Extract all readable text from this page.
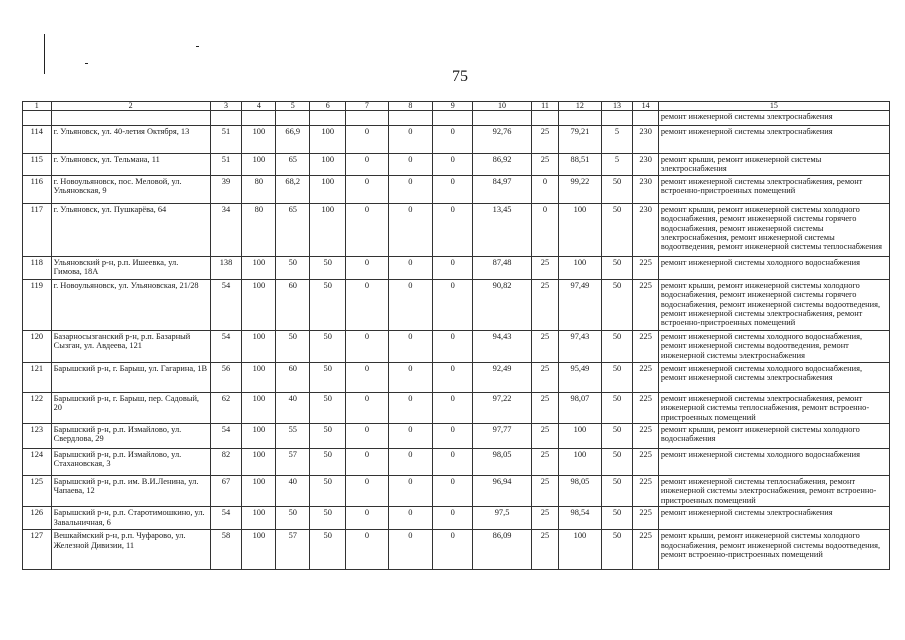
75
1	2	3	4	5	6	7	8	9	10	11	12	13	14	15
														ремонт инженерной системы электроснабжения
114	г. Ульяновск, ул. 40-летия Октября, 13	51	100	66,9	100	0	0	0	92,76	25	79,21	5	230	ремонт инженерной системы электроснабжения
115	г. Ульяновск, ул. Тельмана, 11	51	100	65	100	0	0	0	86,92	25	88,51	5	230	ремонт крыши, ремонт инженерной системы электроснабжения
116	г. Новоульяновск, пос. Меловой, ул. Ульяновская, 9	39	80	68,2	100	0	0	0	84,97	0	99,22	50	230	ремонт инженерной системы электроснабжения, ремонт встроенно-пристроенных помещений
117	г. Ульяновск, ул. Пушкарёва, 64	34	80	65	100	0	0	0	13,45	0	100	50	230	ремонт крыши, ремонт инженерной системы холодного водоснабжения, ремонт инженерной системы горячего водоснабжения, ремонт инженерной системы электроснабжения, ремонт инженерной системы водоотведения, ремонт инженерной системы теплоснабжения
118	Ульяновский р-н, р.п. Ишеевка, ул. Гимова, 18А	138	100	50	50	0	0	0	87,48	25	100	50	225	ремонт инженерной системы холодного водоснабжения
119	г. Новоульяновск, ул. Ульяновская, 21/28	54	100	60	50	0	0	0	90,82	25	97,49	50	225	ремонт крыши, ремонт инженерной системы холодного водоснабжения, ремонт инженерной системы горячего водоснабжения, ремонт инженерной системы водоотведения, ремонт инженерной системы электроснабжения, ремонт встроенно-пристроенных помещений
120	Базарносызганский р-н, р.п. Базарный Сызган, ул. Авдеева, 121	54	100	50	50	0	0	0	94,43	25	97,43	50	225	ремонт инженерной системы холодного водоснабжения, ремонт инженерной системы водоотведения, ремонт инженерной системы электроснабжения
121	Барышский р-н, г. Барыш, ул. Гагарина, 1В	56	100	60	50	0	0	0	92,49	25	95,49	50	225	ремонт инженерной системы холодного водоснабжения, ремонт инженерной системы электроснабжения
122	Барышский р-н, г. Барыш, пер. Садовый, 20	62	100	40	50	0	0	0	97,22	25	98,07	50	225	ремонт инженерной системы электроснабжения, ремонт инженерной системы теплоснабжения, ремонт встроенно-пристроенных помещений
123	Барышский р-н, р.п. Измайлово, ул. Свердлова, 29	54	100	55	50	0	0	0	97,77	25	100	50	225	ремонт крыши, ремонт инженерной системы холодного водоснабжения
124	Барышский р-н, р.п. Измайлово, ул. Стахановская, 3	82	100	57	50	0	0	0	98,05	25	100	50	225	ремонт инженерной системы холодного водоснабжения
125	Барышский р-н, р.п. им. В.И.Ленина, ул. Чапаева, 12	67	100	40	50	0	0	0	96,94	25	98,05	50	225	ремонт инженерной системы теплоснабжения, ремонт инженерной системы электроснабжения, ремонт встроенно-пристроенных помещений
126	Барышский р-н, р.п. Старотимошкино, ул. Завальничная, 6	54	100	50	50	0	0	0	97,5	25	98,54	50	225	ремонт инженерной системы электроснабжения
127	Вешкаймский р-н, р.п. Чуфарово, ул. Железной Дивизии, 11	58	100	57	50	0	0	0	86,09	25	100	50	225	ремонт крыши, ремонт инженерной системы холодного водоснабжения, ремонт инженерной системы водоотведения, ремонт встроенно-пристроенных помещений
